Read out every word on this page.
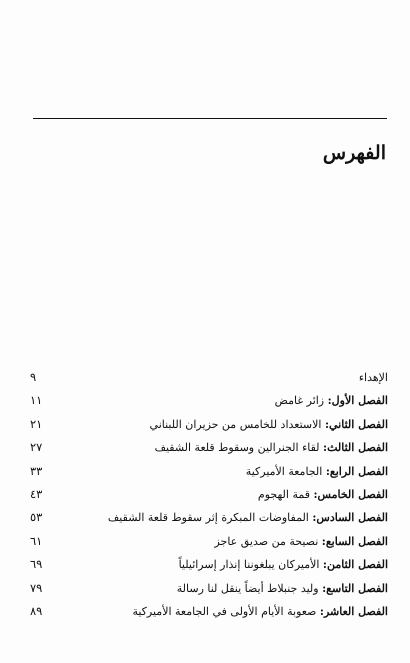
الفهرس
الإهداء
٩
الفصل الأول: زائر غامض
١١
الفصل الثاني: الاستعداد للخامس من حزيران اللبناني
٢١
الفصل الثالث: لقاء الجنرالين وسقوط قلعة الشقيف
٢٧
الفصل الرابع: الجامعة الأميركية
٣٣
الفصل الخامس: قمة الهجوم
٤٣
الفصل السادس: المفاوضات المبكرة إثر سقوط قلعة الشقيف
٥٣
الفصل السابع: نصيحة من صديق عاجز
٦١
الفصل الثامن: الأميركان يبلغوننا إنذار إسرائيلياً
٦٩
الفصل التاسع: وليد جنبلاط أيضاً ينقل لنا رسالة
٧٩
الفصل العاشر: صعوبة الأيام الأولى في الجامعة الأميركية
٨٩
